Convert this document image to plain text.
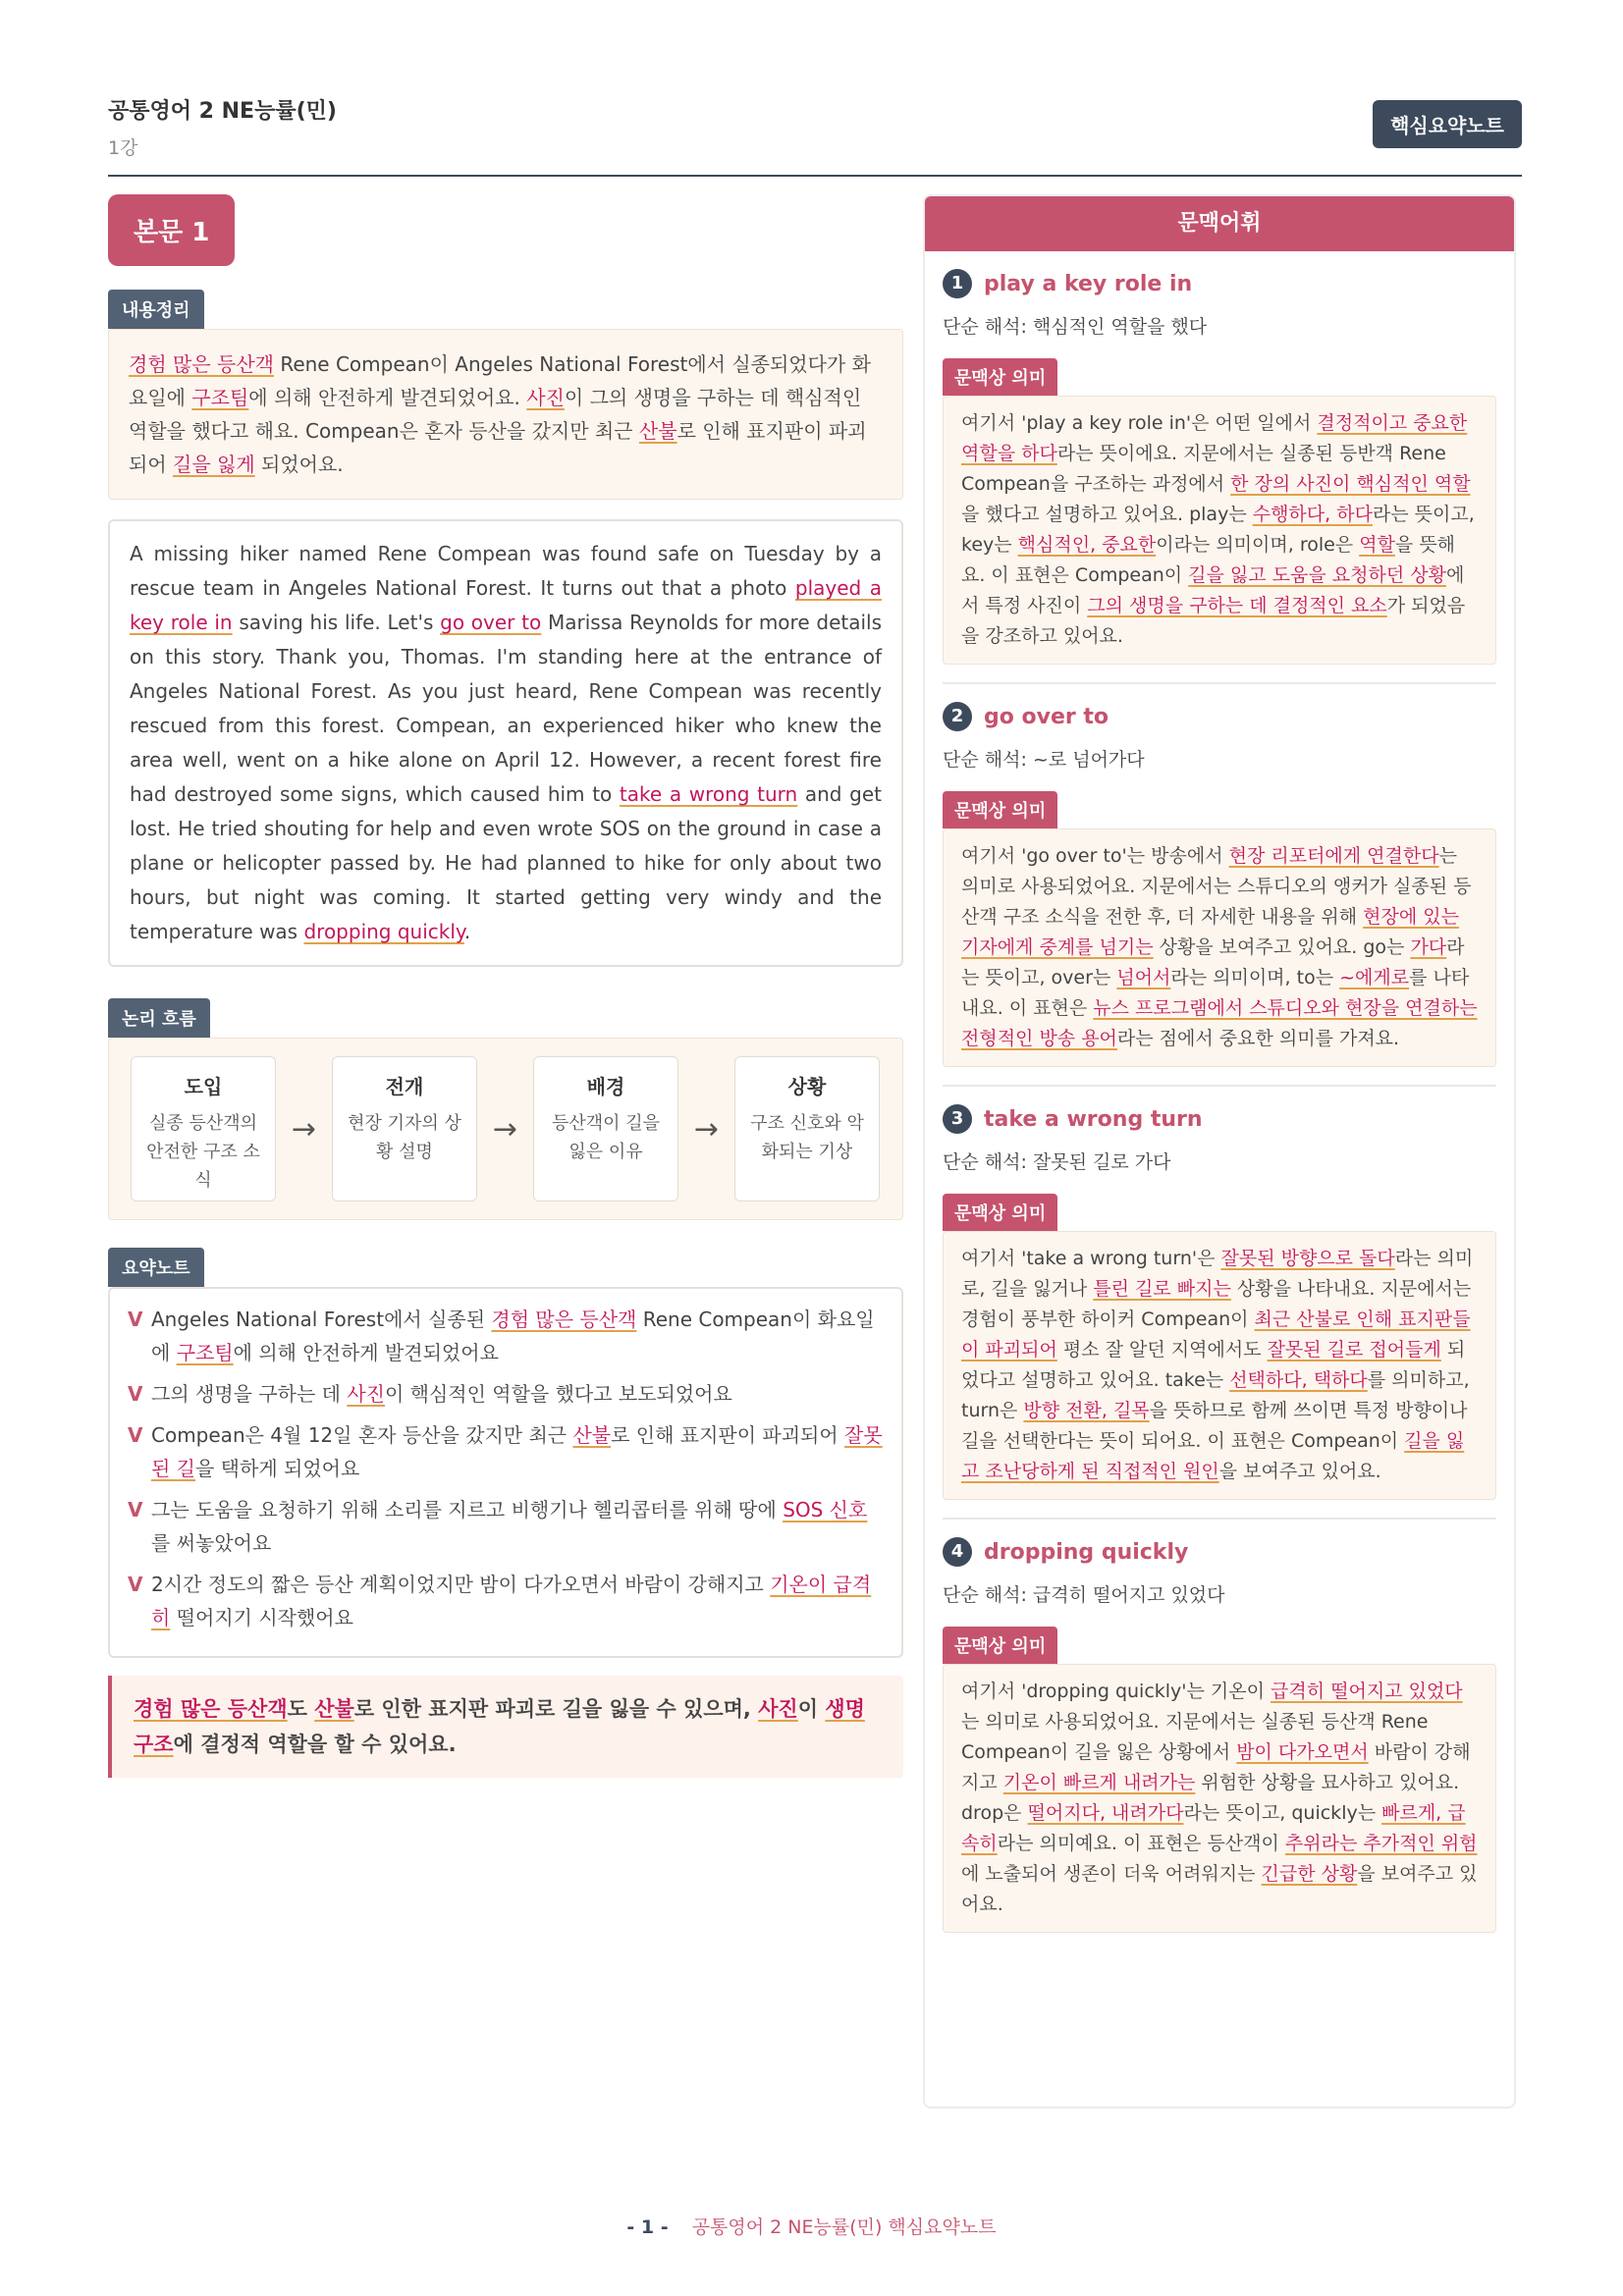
공통영어 2 NE능률(민)
1강
핵심요약노트
본문 1
내용정리
경험 많은 등산객 Rene Compean이 Angeles National Forest에서 실종되었다가 화요일에 구조팀에 의해 안전하게 발견되었어요. 사진이 그의 생명을 구하는 데 핵심적인 역할을 했다고 해요. Compean은 혼자 등산을 갔지만 최근 산불로 인해 표지판이 파괴되어 길을 잃게 되었어요.
A missing hiker named Rene Compean was found safe on Tuesday by a rescue team in Angeles National Forest. It turns out that a photo played a key role in saving his life. Let's go over to Marissa Reynolds for more details on this story. Thank you, Thomas. I'm standing here at the entrance of Angeles National Forest. As you just heard, Rene Compean was recently rescued from this forest. Compean, an experienced hiker who knew the area well, went on a hike alone on April 12. However, a recent forest fire had destroyed some signs, which caused him to take a wrong turn and get lost. He tried shouting for help and even wrote SOS on the ground in case a plane or helicopter passed by. He had planned to hike for only about two hours, but night was coming. It started getting very windy and the temperature was dropping quickly.
논리 흐름
도입
실종 등산객의 안전한 구조 소식
→
전개
현장 기자의 상황 설명
→
배경
등산객이 길을 잃은 이유
→
상황
구조 신호와 악화되는 기상
요약노트
V Angeles National Forest에서 실종된 경험 많은 등산객 Rene Compean이 화요일에 구조팀에 의해 안전하게 발견되었어요
V 그의 생명을 구하는 데 사진이 핵심적인 역할을 했다고 보도되었어요
V Compean은 4월 12일 혼자 등산을 갔지만 최근 산불로 인해 표지판이 파괴되어 잘못된 길을 택하게 되었어요
V 그는 도움을 요청하기 위해 소리를 지르고 비행기나 헬리콥터를 위해 땅에 SOS 신호를 써놓았어요
V 2시간 정도의 짧은 등산 계획이었지만 밤이 다가오면서 바람이 강해지고 기온이 급격히 떨어지기 시작했어요
경험 많은 등산객도 산불로 인한 표지판 파괴로 길을 잃을 수 있으며, 사진이 생명 구조에 결정적 역할을 할 수 있어요.
문맥어휘
1 play a key role in
단순 해석: 핵심적인 역할을 했다
문맥상 의미
여기서 'play a key role in'은 어떤 일에서 결정적이고 중요한 역할을 하다라는 뜻이에요. 지문에서는 실종된 등반객 Rene Compean을 구조하는 과정에서 한 장의 사진이 핵심적인 역할을 했다고 설명하고 있어요. play는 수행하다, 하다라는 뜻이고, key는 핵심적인, 중요한이라는 의미이며, role은 역할을 뜻해요. 이 표현은 Compean이 길을 잃고 도움을 요청하던 상황에서 특정 사진이 그의 생명을 구하는 데 결정적인 요소가 되었음을 강조하고 있어요.
2 go over to
단순 해석: ~로 넘어가다
문맥상 의미
여기서 'go over to'는 방송에서 현장 리포터에게 연결한다는 의미로 사용되었어요. 지문에서는 스튜디오의 앵커가 실종된 등산객 구조 소식을 전한 후, 더 자세한 내용을 위해 현장에 있는 기자에게 중계를 넘기는 상황을 보여주고 있어요. go는 가다라는 뜻이고, over는 넘어서라는 의미이며, to는 ~에게로를 나타내요. 이 표현은 뉴스 프로그램에서 스튜디오와 현장을 연결하는 전형적인 방송 용어라는 점에서 중요한 의미를 가져요.
3 take a wrong turn
단순 해석: 잘못된 길로 가다
문맥상 의미
여기서 'take a wrong turn'은 잘못된 방향으로 돌다라는 의미로, 길을 잃거나 틀린 길로 빠지는 상황을 나타내요. 지문에서는 경험이 풍부한 하이커 Compean이 최근 산불로 인해 표지판들이 파괴되어 평소 잘 알던 지역에서도 잘못된 길로 접어들게 되었다고 설명하고 있어요. take는 선택하다, 택하다를 의미하고, turn은 방향 전환, 길목을 뜻하므로 함께 쓰이면 특정 방향이나 길을 선택한다는 뜻이 되어요. 이 표현은 Compean이 길을 잃고 조난당하게 된 직접적인 원인을 보여주고 있어요.
4 dropping quickly
단순 해석: 급격히 떨어지고 있었다
문맥상 의미
여기서 'dropping quickly'는 기온이 급격히 떨어지고 있었다는 의미로 사용되었어요. 지문에서는 실종된 등산객 Rene Compean이 길을 잃은 상황에서 밤이 다가오면서 바람이 강해지고 기온이 빠르게 내려가는 위험한 상황을 묘사하고 있어요. drop은 떨어지다, 내려가다라는 뜻이고, quickly는 빠르게, 급속히라는 의미예요. 이 표현은 등산객이 추위라는 추가적인 위험에 노출되어 생존이 더욱 어려워지는 긴급한 상황을 보여주고 있어요.
- 1 - 공통영어 2 NE능률(민) 핵심요약노트
